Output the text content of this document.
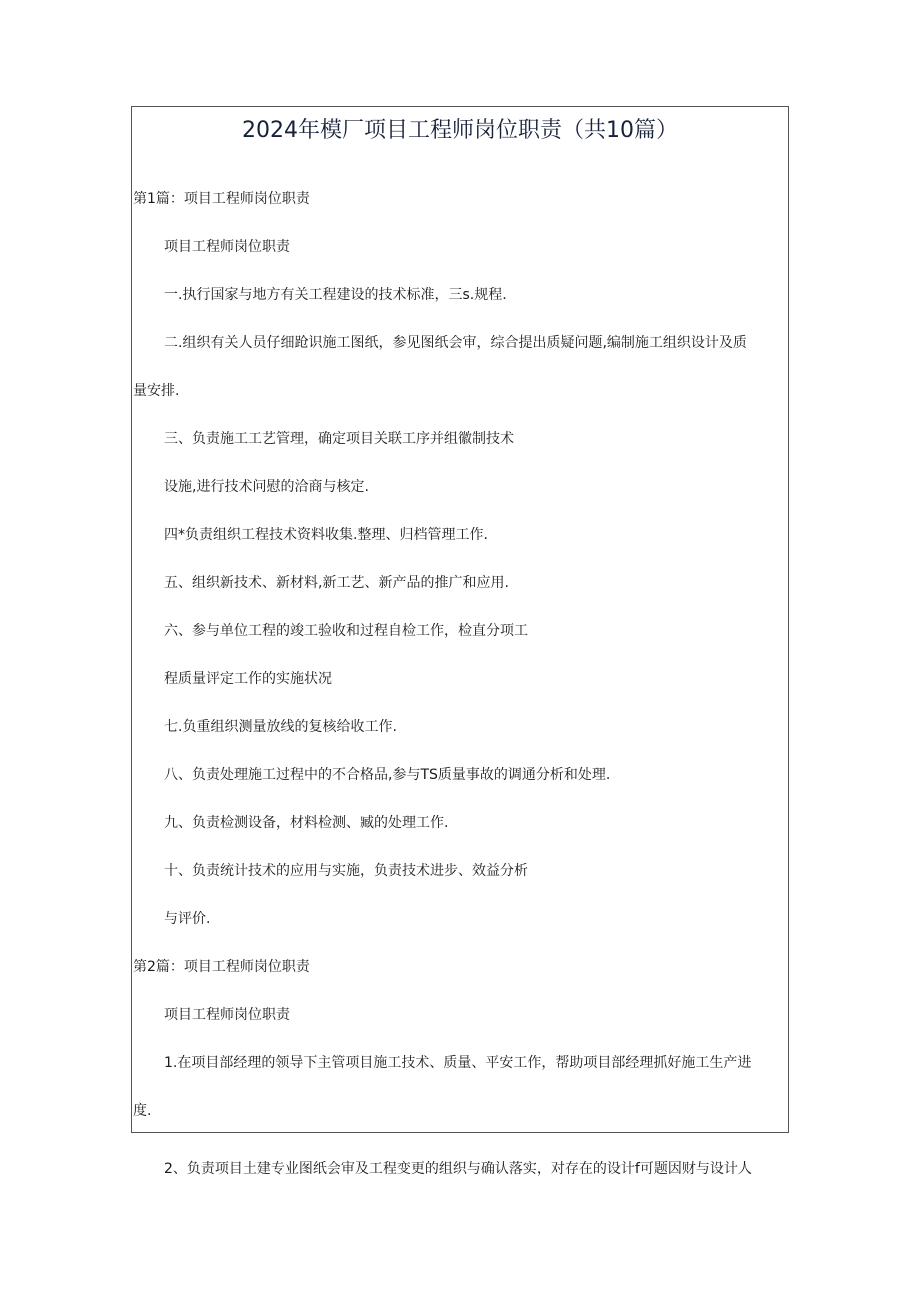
2024年模厂项目工程师岗位职责（共10篇）
第1篇：项目工程师岗位职责
项目工程师岗位职责
一.执行国家与地方有关工程建设的技术标准，三s.规程.
二.组织有关人员仔细跄识施工图纸，参见图纸会审，综合提出质疑问题,编制施工组织设计及质
量安排.
三、负责施工工艺管理，确定项目关联工序并组徽制技术
设施,进行技术问慰的洽商与核定.
四*负责组织工程技术资料收集.整理、归档管理工作.
五、组织新技术、新材料,新工艺、新产品的推广和应用.
六、参与单位工程的竣工验收和过程自检工作，检直分项工
程质量评定工作的实施状况
七.负重组织测量放线的复核给收工作.
八、负责处理施工过程中的不合格品,参与TS质量事故的调通分析和处理.
九、负责检测设备，材料检测、臧的处理工作.
十、负责统计技术的应用与实施，负责技术进步、效益分析
与评价.
第2篇：项目工程师岗位职责
项目工程师岗位职责
1.在项目部经理的领导下主管项目施工技术、质量、平安工作，帮助项目部经理抓好施工生产进
度.
2、负责项目土建专业图纸会审及工程变更的组织与确认落实，对存在的设计f可题因财与设计人
